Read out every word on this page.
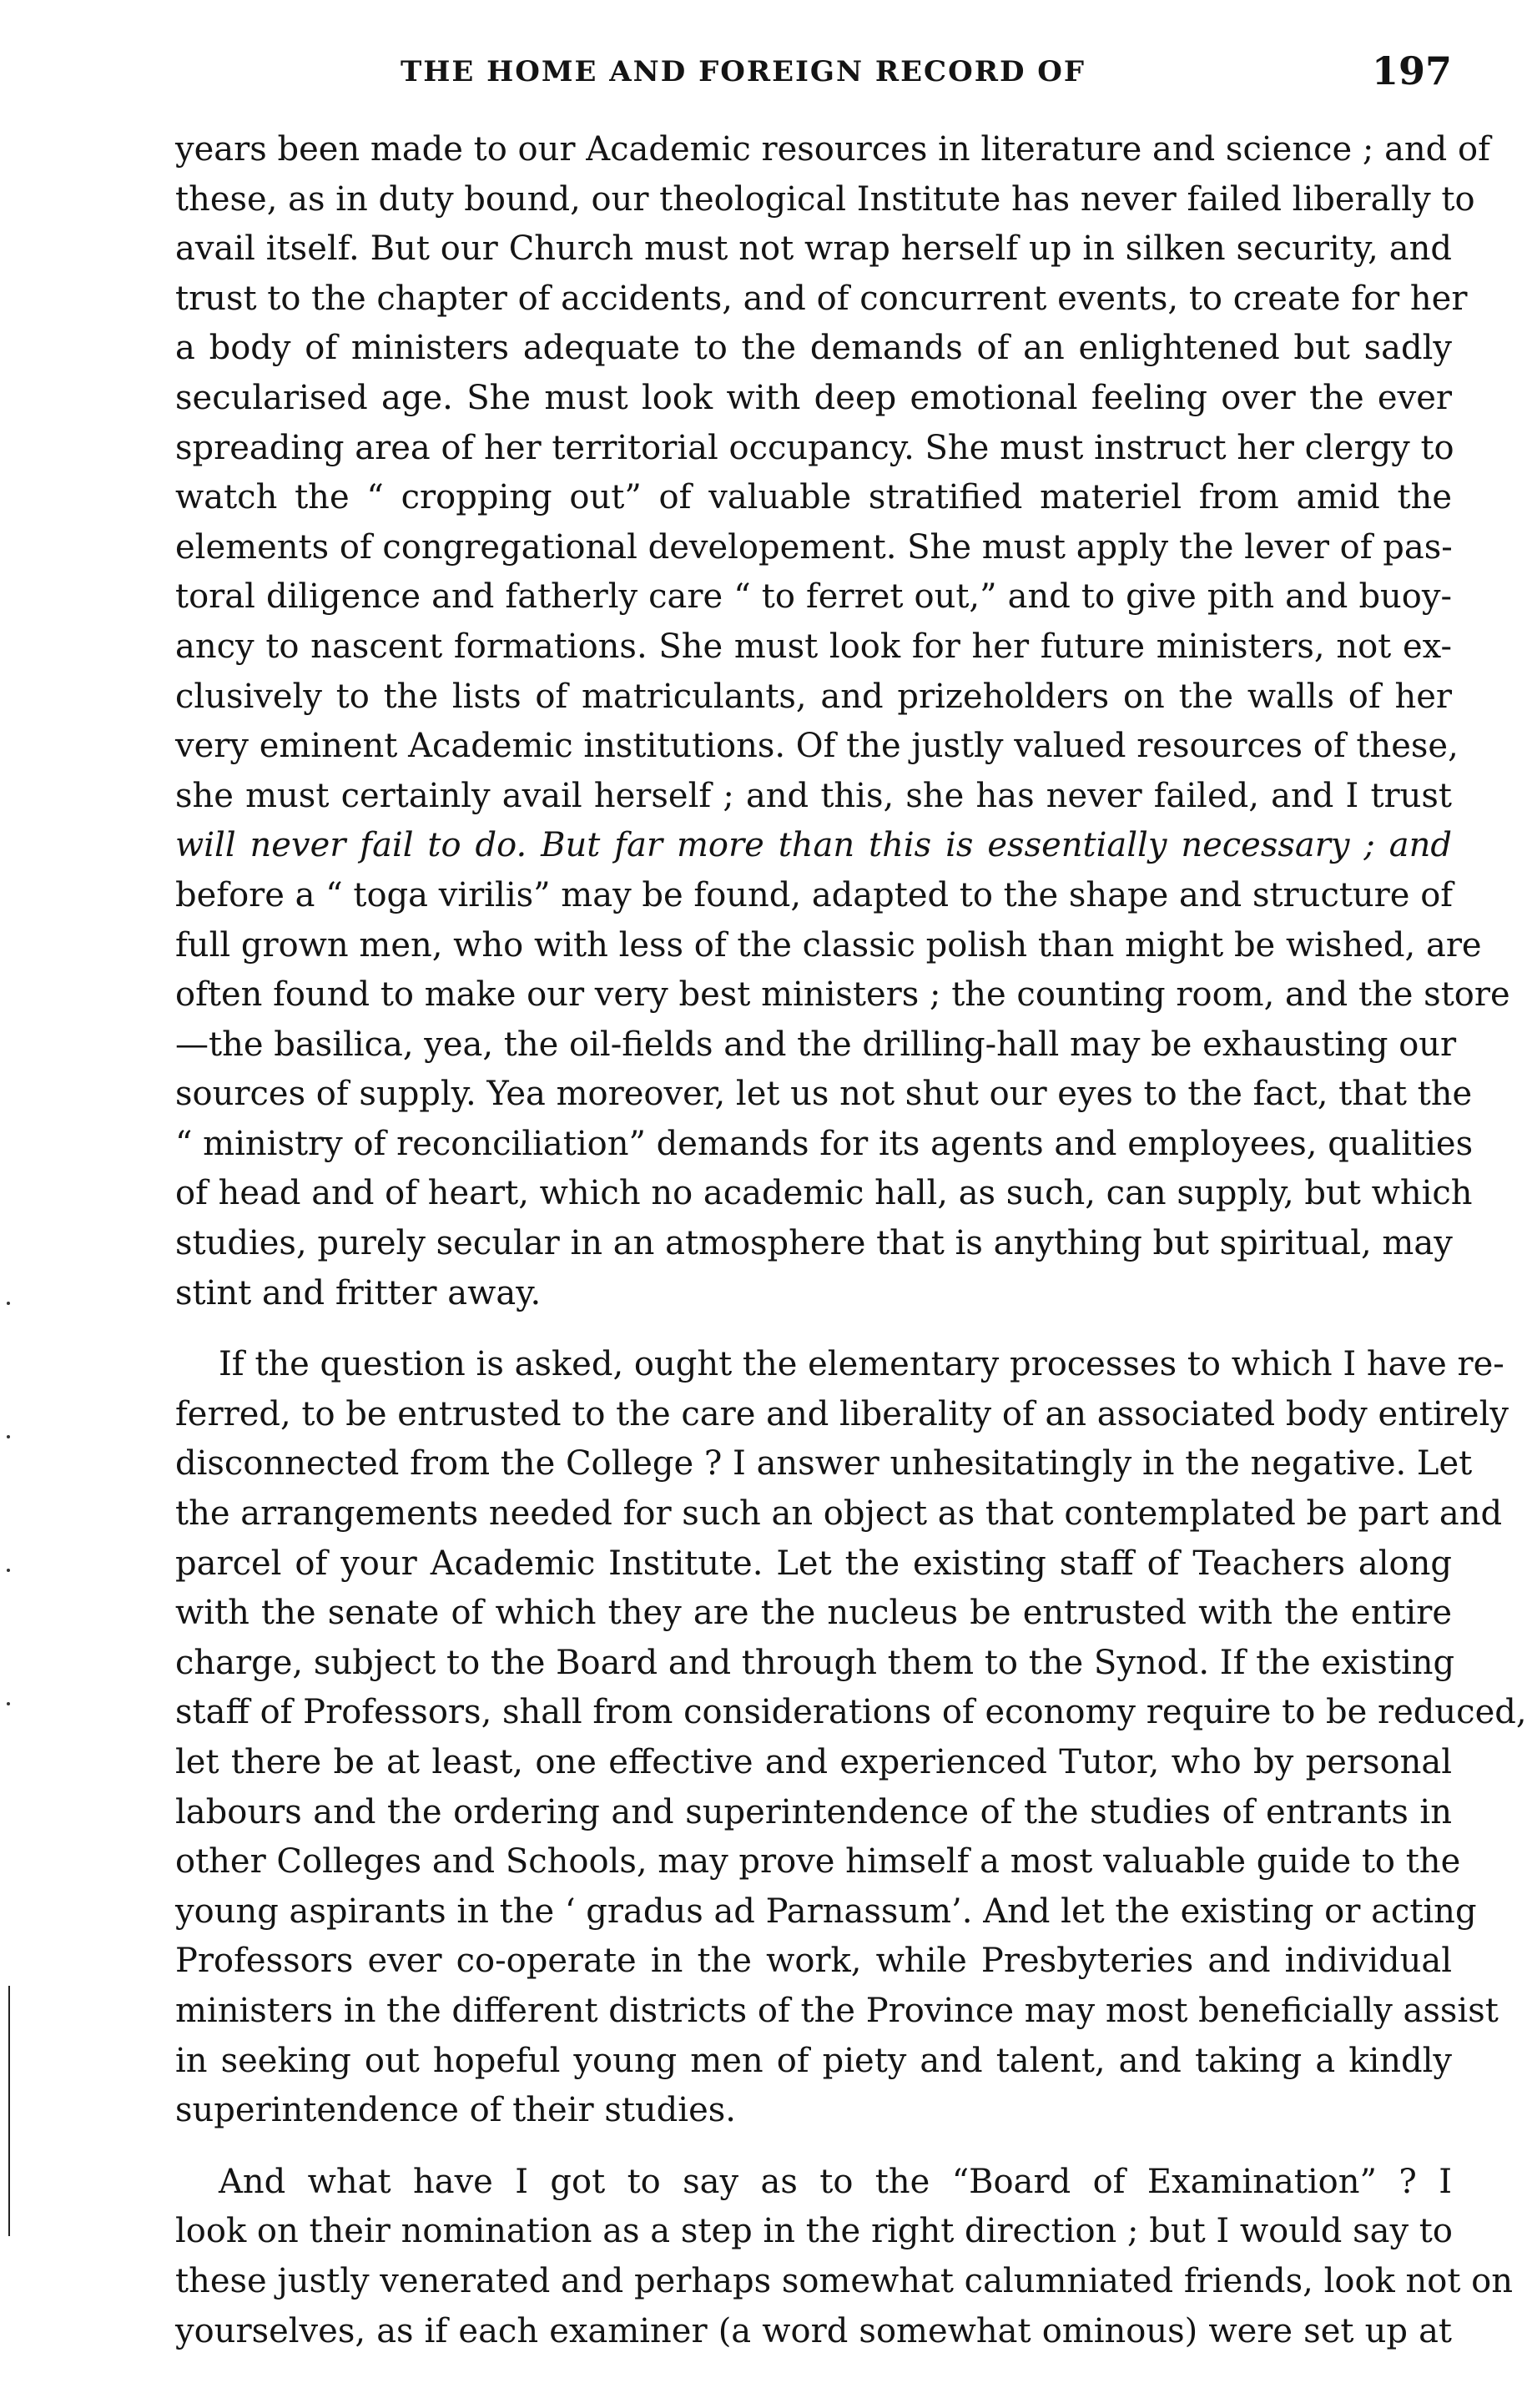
THE HOME AND FOREIGN RECORD OF	197
years been made to our Academic resources in literature and science ; and of
these, as in duty bound, our theological Institute has never failed liberally to
avail itself. But our Church must not wrap herself up in silken security, and
trust to the chapter of accidents, and of concurrent events, to create for her
a body of ministers adequate to the demands of an enlightened but sadly
secularised age. She must look with deep emotional feeling over the ever
spreading area of her territorial occupancy. She must instruct her clergy to
watch the “ cropping out” of valuable stratified materiel from amid the
elements of congregational developement. She must apply the lever of pas-
toral diligence and fatherly care “ to ferret out,” and to give pith and buoy-
ancy to nascent formations. She must look for her future ministers, not ex-
clusively to the lists of matriculants, and prizeholders on the walls of her
very eminent Academic institutions. Of the justly valued resources of these,
she must certainly avail herself ; and this, she has never failed, and I trust
will never fail to do. But far more than this is essentially necessary ; and
before a “ toga virilis” may be found, adapted to the shape and structure of
full grown men, who with less of the classic polish than might be wished, are
often found to make our very best ministers ; the counting room, and the store
—the basilica, yea, the oil-fields and the drilling-hall may be exhausting our
sources of supply. Yea moreover, let us not shut our eyes to the fact, that the
“ ministry of reconciliation” demands for its agents and employees, qualities
of head and of heart, which no academic hall, as such, can supply, but which
studies, purely secular in an atmosphere that is anything but spiritual, may
stint and fritter away.
If the question is asked, ought the elementary processes to which I have re-
ferred, to be entrusted to the care and liberality of an associated body entirely
disconnected from the College ? I answer unhesitatingly in the negative. Let
the arrangements needed for such an object as that contemplated be part and
parcel of your Academic Institute. Let the existing staff of Teachers along
with the senate of which they are the nucleus be entrusted with the entire
charge, subject to the Board and through them to the Synod. If the existing
staff of Professors, shall from considerations of economy require to be reduced,
let there be at least, one effective and experienced Tutor, who by personal
labours and the ordering and superintendence of the studies of entrants in
other Colleges and Schools, may prove himself a most valuable guide to the
young aspirants in the ‘ gradus ad Parnassum’. And let the existing or acting
Professors ever co-operate in the work, while Presbyteries and individual
ministers in the different districts of the Province may most beneficially assist
in seeking out hopeful young men of piety and talent, and taking a kindly
superintendence of their studies.
And what have I got to say as to the “Board of Examination” ? I
look on their nomination as a step in the right direction ; but I would say to
these justly venerated and perhaps somewhat calumniated friends, look not on
yourselves, as if each examiner (a word somewhat ominous) were set up at
